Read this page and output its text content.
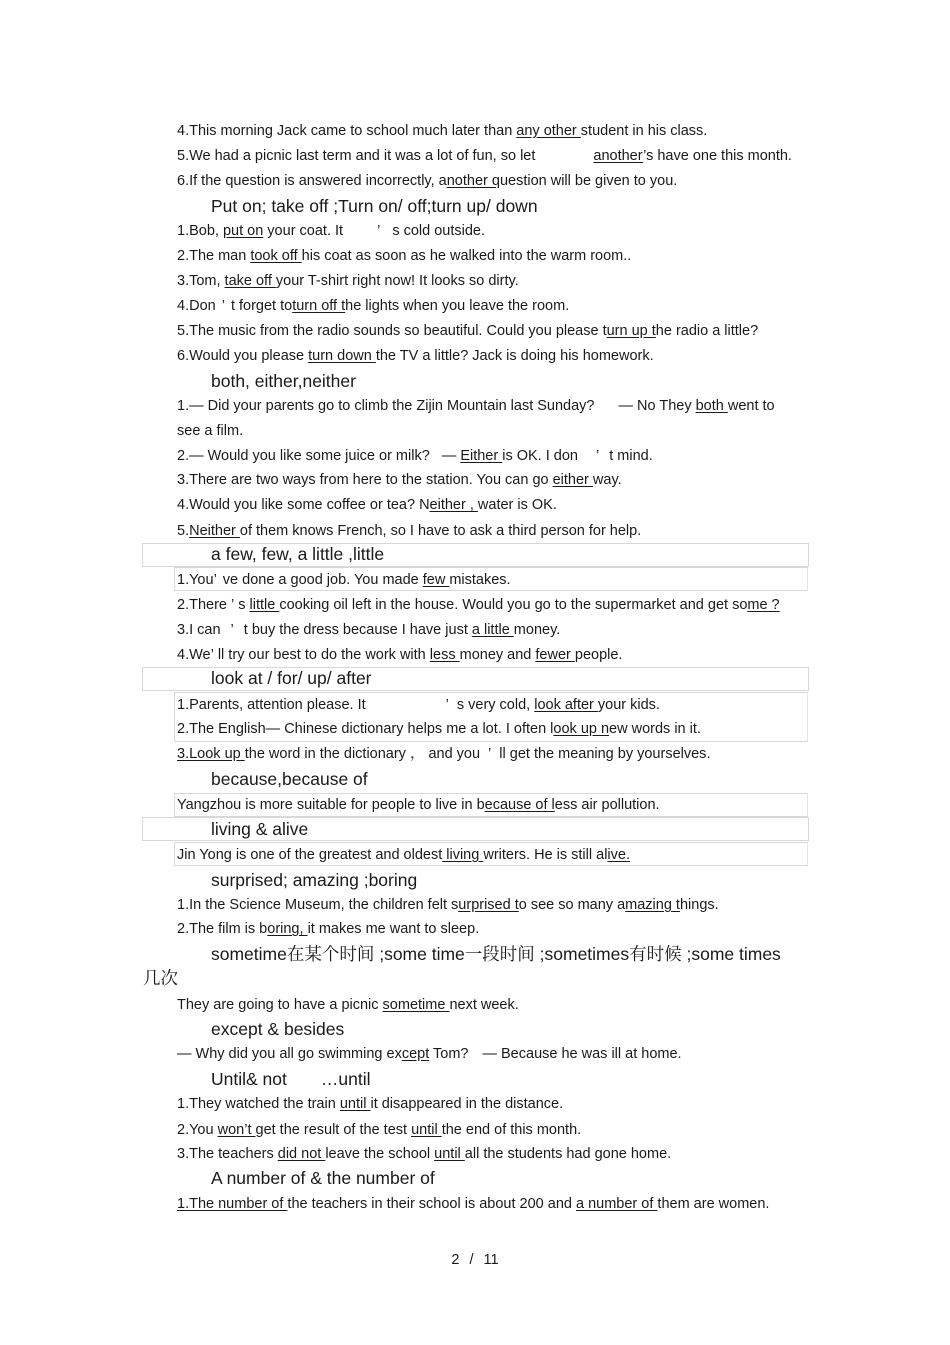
4.This morning Jack came to school much later than any other student in his class.
5.We had a picnic last term and it was a lot of fun, so let	another’s have one this month.
6.If the question is answered incorrectly, another question will be given to you.
Put on; take off ;Turn on/ off;turn up/ down
1.Bob, put on your coat. It ’ s cold outside.
2.The man took off his coat as soon as he walked into the warm room..
3.Tom, take off your T-shirt right now! It looks so dirty.
4.Don ’ t forget toturn off the lights when you leave the room.
5.The music from the radio sounds so beautiful. Could you please turn up the radio a little?
6.Would you please turn down the TV a little? Jack is doing his homework.
both, either,neither
1.— Did your parents go to climb the Zijin Mountain last Sunday? — No They both went to
see a film.
2.— Would you like some juice or milk? — Either is OK. I don ’ t mind.
3.There are two ways from here to the station. You can go either way.
4.Would you like some coffee or tea? Neither , water is OK.
5.Neither of them knows French, so I have to ask a third person for help.
a few, few, a little ,little
1.You’ ve done a good job. You made few mistakes.
2.There ’ s little cooking oil left in the house. Would you go to the supermarket and get some ?
3.I can ’ t buy the dress because I have just a little money.
4.We’ ll try our best to do the work with less money and fewer people.
look at / for/ up/ after
1.Parents, attention please. It	’ s very cold, look after your kids.
2.The English— Chinese dictionary helps me a lot. I often look up new words in it.
3.Look up the word in the dictionary ， and you ’ ll get the meaning by yourselves.
because,because of
Yangzhou is more suitable for people to live in because of less air pollution.
living & alive
Jin Yong is one of the greatest and oldest living writers. He is still alive.
surprised; amazing ;boring
1.In the Science Museum, the children felt surprised to see so many amazing things.
2.The film is boring, it makes me want to sleep.
sometime在某个时间 ;some time一段时间 ;sometimes有时候 ;some times
几次
They are going to have a picnic sometime next week.
except & besides
— Why did you all go swimming except Tom? — Because he was ill at home.
Until& not …until
1.They watched the train until it disappeared in the distance.
2.You won’t get the result of the test until the end of this month.
3.The teachers did not leave the school until all the students had gone home.
A number of & the number of
1.The number of the teachers in their school is about 200 and a number of them are women.
2 / 11
